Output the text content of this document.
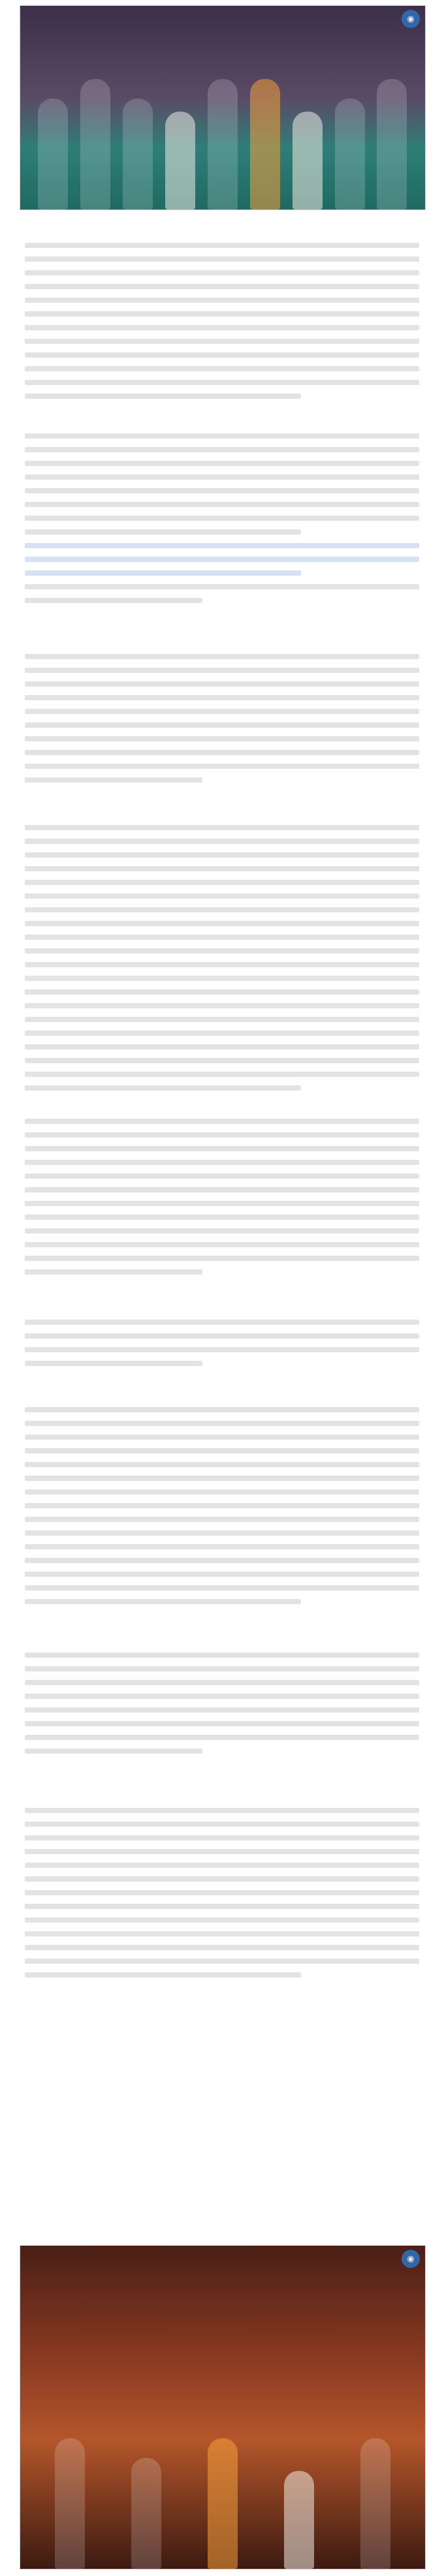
◉
◉
